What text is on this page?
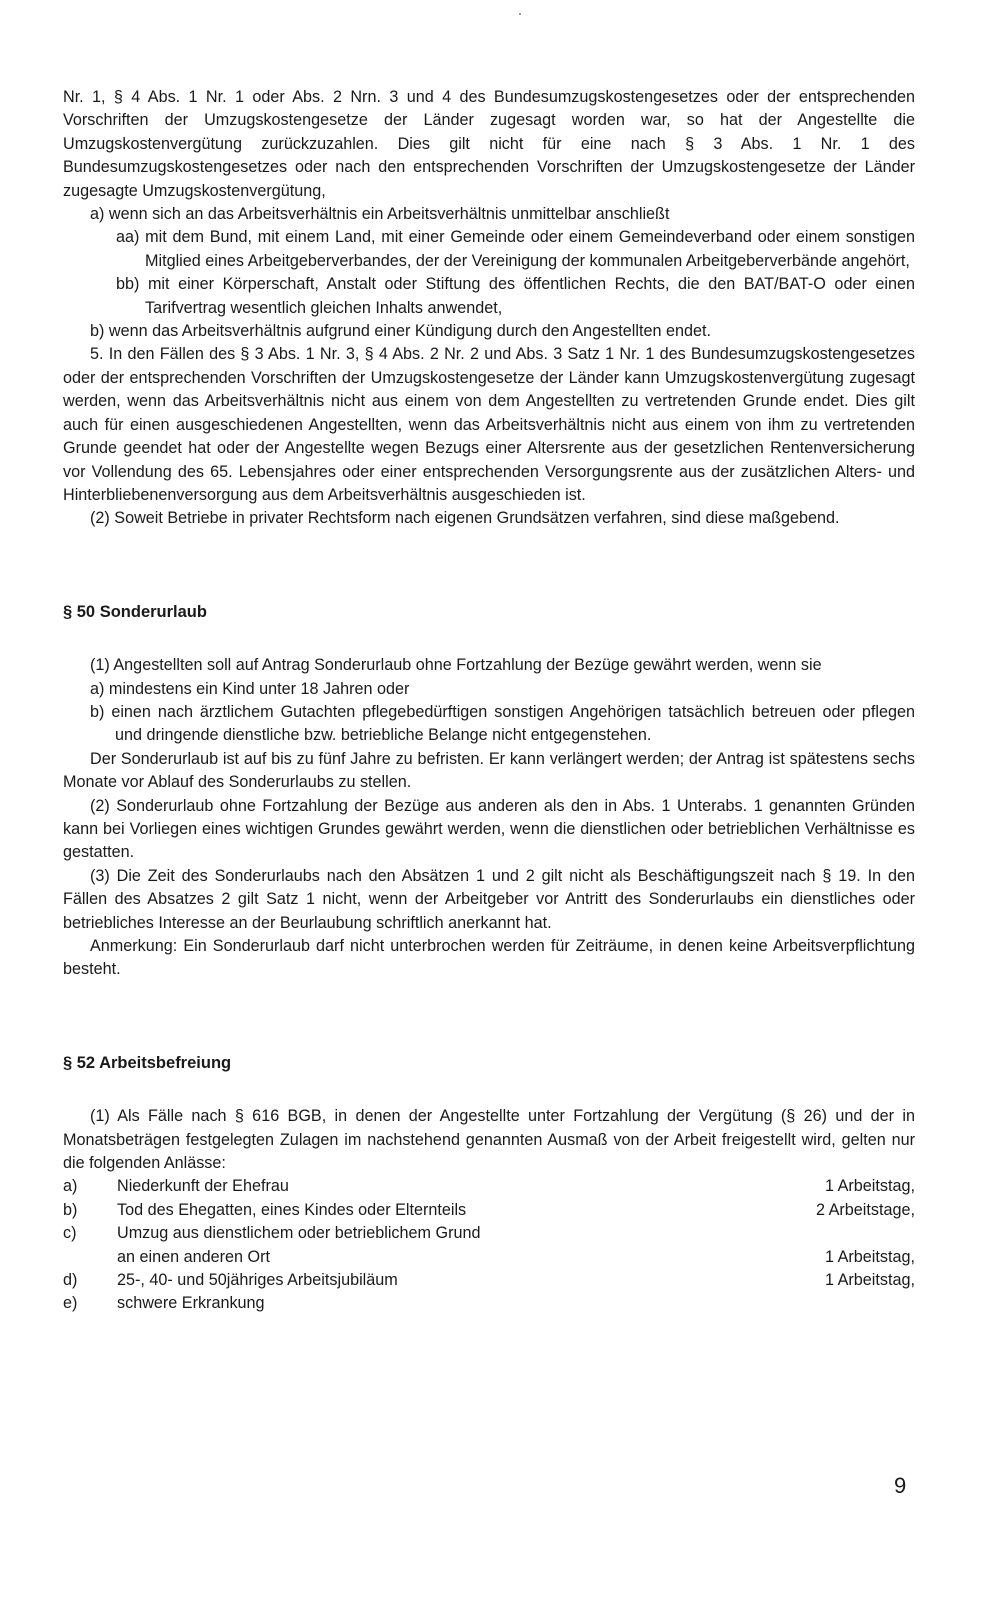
Nr. 1, § 4 Abs. 1 Nr. 1 oder Abs. 2 Nrn. 3 und 4 des Bundesumzugskostengesetzes oder der entsprechenden Vorschriften der Umzugskostengesetze der Länder zugesagt worden war, so hat der Angestellte die Umzugskostenvergütung zurückzuzahlen. Dies gilt nicht für eine nach § 3 Abs. 1 Nr. 1 des Bundesumzugskostengesetzes oder nach den entsprechenden Vorschriften der Umzugskostengesetze der Länder zugesagte Umzugskostenvergütung,

a) wenn sich an das Arbeitsverhältnis ein Arbeitsverhältnis unmittelbar anschließt

aa) mit dem Bund, mit einem Land, mit einer Gemeinde oder einem Gemeindeverband oder einem sonstigen Mitglied eines Arbeitgeberverbandes, der der Vereinigung der kommunalen Arbeitgeberverbände angehört,

bb) mit einer Körperschaft, Anstalt oder Stiftung des öffentlichen Rechts, die den BAT/BAT-O oder einen Tarifvertrag wesentlich gleichen Inhalts anwendet,

b) wenn das Arbeitsverhältnis aufgrund einer Kündigung durch den Angestellten endet.

5. In den Fällen des § 3 Abs. 1 Nr. 3, § 4 Abs. 2 Nr. 2 und Abs. 3 Satz 1 Nr. 1 des Bundesumzugskostengesetzes oder der entsprechenden Vorschriften der Umzugskostengesetze der Länder kann Umzugskostenvergütung zugesagt werden, wenn das Arbeitsverhältnis nicht aus einem von dem Angestellten zu vertretenden Grunde endet. Dies gilt auch für einen ausgeschiedenen Angestellten, wenn das Arbeitsverhältnis nicht aus einem von ihm zu vertretenden Grunde geendet hat oder der Angestellte wegen Bezugs einer Altersrente aus der gesetzlichen Rentenversicherung vor Vollendung des 65. Lebensjahres oder einer entsprechenden Versorgungsrente aus der zusätzlichen Alters- und Hinterbliebenenversorgung aus dem Arbeitsverhältnis ausgeschieden ist.

(2) Soweit Betriebe in privater Rechtsform nach eigenen Grundsätzen verfahren, sind diese maßgebend.

§ 50 Sonderurlaub

(1) Angestellten soll auf Antrag Sonderurlaub ohne Fortzahlung der Bezüge gewährt werden, wenn sie

a) mindestens ein Kind unter 18 Jahren oder

b) einen nach ärztlichem Gutachten pflegebedürftigen sonstigen Angehörigen tatsächlich betreuen oder pflegen und dringende dienstliche bzw. betriebliche Belange nicht entgegenstehen.

Der Sonderurlaub ist auf bis zu fünf Jahre zu befristen. Er kann verlängert werden; der Antrag ist spätestens sechs Monate vor Ablauf des Sonderurlaubs zu stellen.

(2) Sonderurlaub ohne Fortzahlung der Bezüge aus anderen als den in Abs. 1 Unterabs. 1 genannten Gründen kann bei Vorliegen eines wichtigen Grundes gewährt werden, wenn die dienstlichen oder betrieblichen Verhältnisse es gestatten.

(3) Die Zeit des Sonderurlaubs nach den Absätzen 1 und 2 gilt nicht als Beschäftigungszeit nach § 19. In den Fällen des Absatzes 2 gilt Satz 1 nicht, wenn der Arbeitgeber vor Antritt des Sonderurlaubs ein dienstliches oder betriebliches Interesse an der Beurlaubung schriftlich anerkannt hat.

Anmerkung: Ein Sonderurlaub darf nicht unterbrochen werden für Zeiträume, in denen keine Arbeitsverpflichtung besteht.

§ 52 Arbeitsbefreiung

(1) Als Fälle nach § 616 BGB, in denen der Angestellte unter Fortzahlung der Vergütung (§ 26) und der in Monatsbeträgen festgelegten Zulagen im nachstehend genannten Ausmaß von der Arbeit freigestellt wird, gelten nur die folgenden Anlässe:

a)	Niederkunft der Ehefrau	1 Arbeitstag,
b)	Tod des Ehegatten, eines Kindes oder Elternteils	2 Arbeitstage,
c)	Umzug aus dienstlichem oder betrieblichem Grund
an einen anderen Ort	1 Arbeitstag,
d)	25-, 40- und 50jähriges Arbeitsjubiläum	1 Arbeitstag,
e)	schwere Erkrankung
9
